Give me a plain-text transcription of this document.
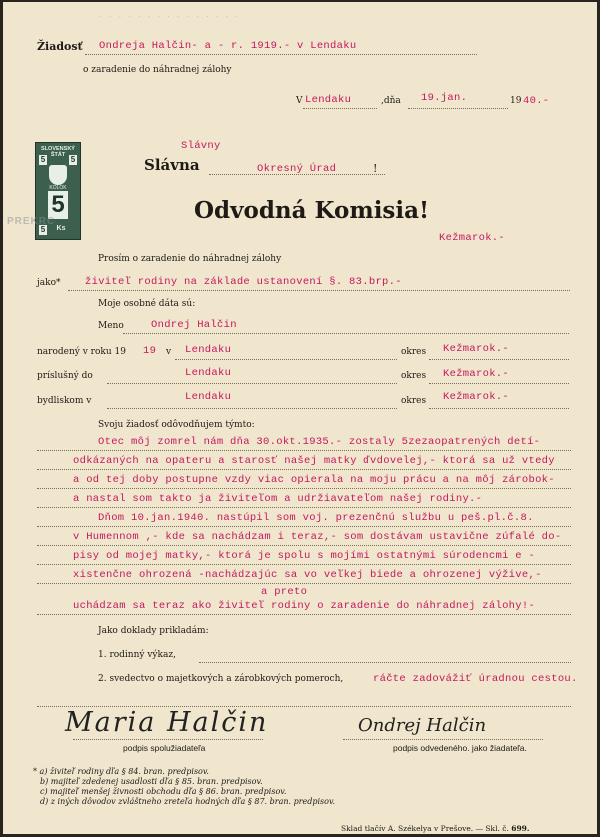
. . . . . . . . . . . . . . .
Žiadosť Ondreja Halčin- a - r. 1919.- v Lendaku
o zaradenie do náhradnej zálohy
V Lendaku	,dňa 19.jan.	19 40.-
SLOVENSKÝ ŠTÁT
5	5
KOLOK
5
5	Ks
PREKRC
Slávny
Slávna	Okresný Úrad	!
Odvodná Komisia!
Kežmarok.-
Prosím o zaradenie do náhradnej zálohy
jako* živiteľ rodiny na základe ustanovení §. 83.brp.-
Moje osobné dáta sú:
Meno	Ondrej Halčin
narodený v roku 19 19 v Lendaku	okres Kežmarok.-
príslušný do	Lendaku	okres Kežmarok.-
bydliskom v	Lendaku	okres Kežmarok.-
Svoju žiadosť odôvodňujem týmto:
Otec môj zomrel nám dňa 30.okt.1935.- zostaly 5zezaopatrených detí-
odkázaných na opateru a starosť našej matky ďvdovelej,- ktorá sa už vtedy
a od tej doby postupne vzdy viac opierala na moju prácu a na môj zárobok-
a nastal som takto ja živiteľom a udržiavateľom našej rodiny.-
Dňom 10.jan.1940. nastúpil som voj. prezenčnú službu u peš.pl.č.8.
v Humennom ,- kde sa nachádzam i teraz,- som dostávam ustavične zúfalé do-
pisy od mojej matky,- ktorá je spolu s mojími ostatnými súrodencmi e -
xistenčne ohrozená -nachádzajúc sa vo veľkej biede a ohrozenej výžive,-
a preto
uchádzam sa teraz ako živiteľ rodiny o zaradenie do náhradnej zálohy!-
Jako doklady prikladám:
1. rodinný výkaz,
2. svedectvo o majetkových a zárobkových pomeroch,	ráčte zadovážiť úradnou cestou.
Maria Halčin
podpis spolužiadateľa
Ondrej Halčin
podpis odvedeného. jako žiadateľa.
* a) živiteľ rodiny dľa § 84. bran. predpisov.
b) majiteľ zdedenej usadlosti dľa § 85. bran. predpisov.
c) majiteľ menšej živnosti obchodu dľa § 86. bran. predpisov.
d) z iných dôvodov zvláštneho zreteľa hodných dľa § 87. bran. predpisov.
Sklad tlačív A. Székelya v Prešove. — Skl. č. 699.
